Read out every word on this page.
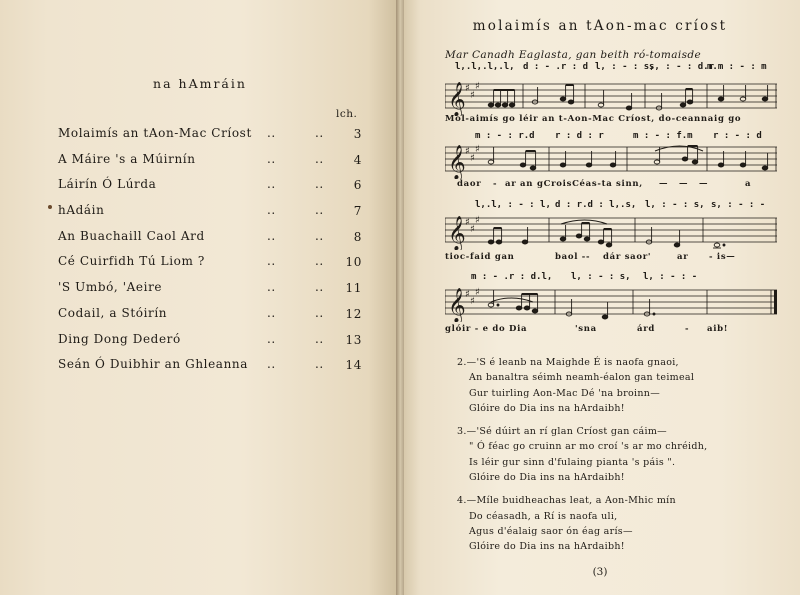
na hAmráin
lch.
Molaimís an tAon-Mac Críost ..	.. 3
A Máire 's a Múirnín	..	.. 4
Láirín Ó Lúrda	..	.. 6
hAdáin	..	.. 7
An Buachaill Caol Ard	..	.. 8
Cé Cuirfidh Tú Liom ?	..	.. 10
'S Umbó, 'Aeire	..	.. 11
Codail, a Stóirín	..	.. 12
Ding Dong Dederó	..	.. 13
Seán Ó Duibhir an Ghleanna ..	.. 14
molaimís an tAon-mac críost
Mar Canadh Eaglasta, gan beith ró-tomaisde
l,.l,.l,.l, d : - .r : d l, : - : s,
s, : - : d.r
m.m : - : m
𝄞 ♯
♯
♯
Mol-aimís go léir an t-Aon-Mac Críost, do-ceannaig go
m : - : r.d r : d : r	m : - : f.m r : - : d
𝄞 ♯
♯
♯
daor - ar an gCroisCéas-ta sinn, — — —	a
l,.l, : - : l, d : r.d : l,.s, l, : - : s, s, : - : -
𝄞 ♯
♯
♯
tioc-faid gan	baol -- dár saor'	ar - is—
m : - .r : d.l, l, : - : s, l, : - : -
𝄞 ♯
♯
♯
glóir - e do Dia	'sna	árd	- aib!
2.—'S é leanb na Maighde É is naofa gnaoi,
An banaltra séimh neamh-éalon gan teimeal
Gur tuirling Aon-Mac Dé 'na broinn—
Glóire do Dia ins na hArdaibh!
3.—'Sé dúirt an rí glan Críost gan cáim—
" Ó féac go cruinn ar mo croí 's ar mo chréidh,
Is léir gur sinn d'fulaing pianta 's páis ".
Glóire do Dia ins na hArdaibh!
4.—Míle buidheachas leat, a Aon-Mhic mín
Do céasadh, a Rí is naofa uli,
Agus d'éalaig saor ón éag arís—
Glóire do Dia ins na hArdaibh!
(3)
